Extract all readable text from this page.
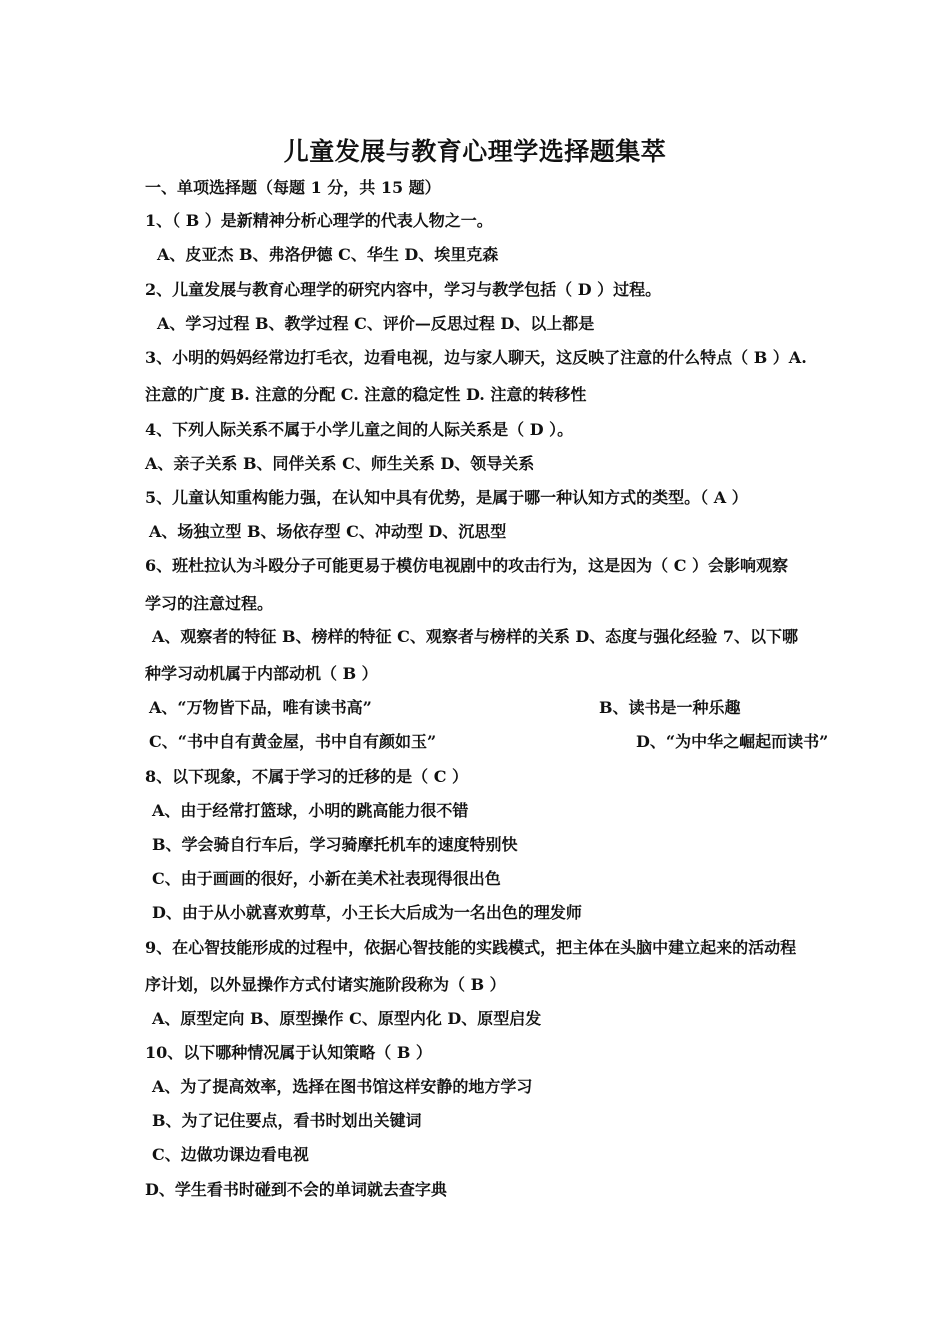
儿童发展与教育心理学选择题集萃
一、单项选择题（每题 1 分，共 15 题）
1、（ B ）是新精神分析心理学的代表人物之一。
A、皮亚杰 B、弗洛伊德 C、华生 D、埃里克森
2、儿童发展与教育心理学的研究内容中，学习与教学包括（ D ）过程。
A、学习过程 B、教学过程 C、评价—反思过程 D、以上都是
3、小明的妈妈经常边打毛衣，边看电视，边与家人聊天，这反映了注意的什么特点（ B ）A.
注意的广度 B. 注意的分配 C. 注意的稳定性 D. 注意的转移性
4、下列人际关系不属于小学儿童之间的人际关系是（ D ）。
A、亲子关系 B、同伴关系 C、师生关系 D、领导关系
5、儿童认知重构能力强，在认知中具有优势，是属于哪一种认知方式的类型。（ A ）
A、场独立型 B、场依存型 C、冲动型 D、沉思型
6、班杜拉认为斗殴分子可能更易于模仿电视剧中的攻击行为，这是因为（ C ）会影响观察
学习的注意过程。
A、观察者的特征 B、榜样的特征 C、观察者与榜样的关系 D、态度与强化经验 7、以下哪
种学习动机属于内部动机（ B ）
A、“万物皆下品，唯有读书高”	B、读书是一种乐趣
C、“书中自有黄金屋，书中自有颜如玉”	D、“为中华之崛起而读书”
8、以下现象，不属于学习的迁移的是（ C ）
A、由于经常打篮球，小明的跳高能力很不错
B、学会骑自行车后，学习骑摩托机车的速度特别快
C、由于画画的很好，小新在美术社表现得很出色
D、由于从小就喜欢剪草，小王长大后成为一名出色的理发师
9、在心智技能形成的过程中，依据心智技能的实践模式，把主体在头脑中建立起来的活动程
序计划，以外显操作方式付诸实施阶段称为（ B ）
A、原型定向 B、原型操作 C、原型内化 D、原型启发
10、以下哪种情况属于认知策略（ B ）
A、为了提高效率，选择在图书馆这样安静的地方学习
B、为了记住要点，看书时划出关键词
C、边做功课边看电视
D、学生看书时碰到不会的单词就去查字典
